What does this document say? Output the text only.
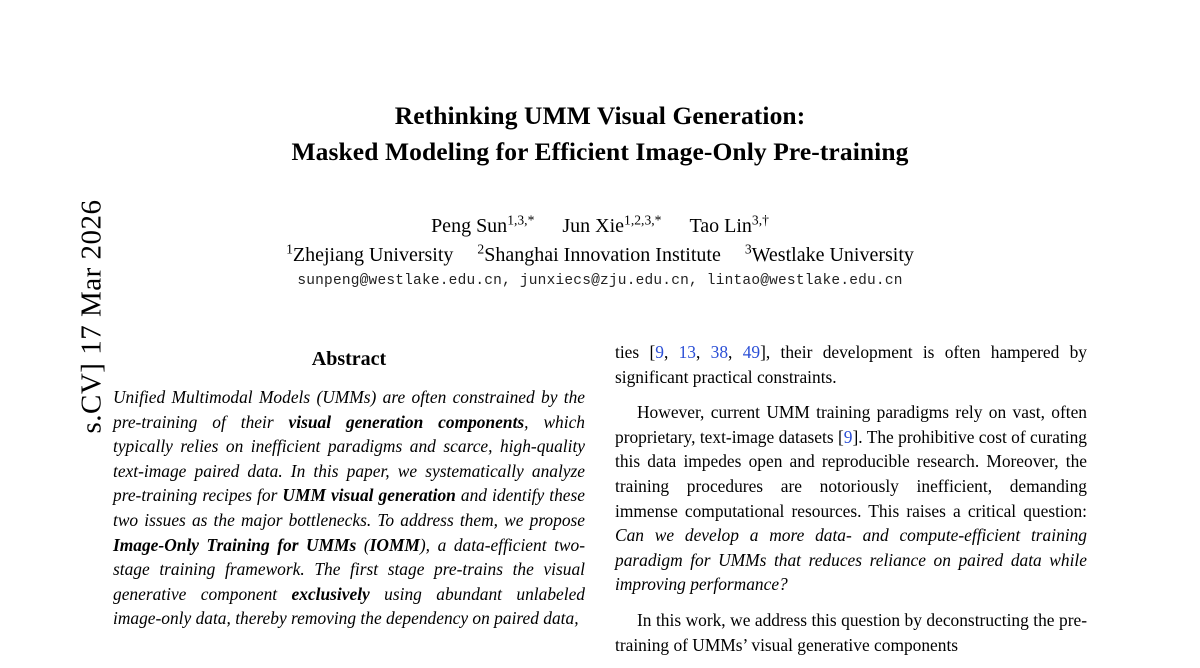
s.CV] 17 Mar 2026
Rethinking UMM Visual Generation:
Masked Modeling for Efficient Image-Only Pre-training
Peng Sun$^{1,3,*}$ Jun Xie$^{1,2,3,*}$ Tao Lin$^{3,\dagger}$
$^1$Zhejiang University $^2$Shanghai Innovation Institute $^3$Westlake University
sunpeng@westlake.edu.cn, junxiecs@zju.edu.cn, lintao@westlake.edu.cn
Abstract
Unified Multimodal Models (UMMs) are often constrained by the pre-training of their visual generation components, which typically relies on inefficient paradigms and scarce, high-quality text-image paired data. In this paper, we systematically analyze pre-training recipes for UMM visual generation and identify these two issues as the major bottlenecks. To address them, we propose Image-Only Training for UMMs (IOMM), a data-efficient two-stage training framework. The first stage pre-trains the visual generative component exclusively using abundant unlabeled image-only data, thereby removing the dependency on paired data,

ties [9, 13, 38, 49], their development is often hampered by significant practical constraints.

However, current UMM training paradigms rely on vast, often proprietary, text-image datasets [9]. The prohibitive cost of curating this data impedes open and reproducible research. Moreover, the training procedures are notoriously inefficient, demanding immense computational resources. This raises a critical question: Can we develop a more data- and compute-efficient training paradigm for UMMs that reduces reliance on paired data while improving performance?

In this work, we address this question by deconstructing the pre-training of UMMs’ visual generative components
